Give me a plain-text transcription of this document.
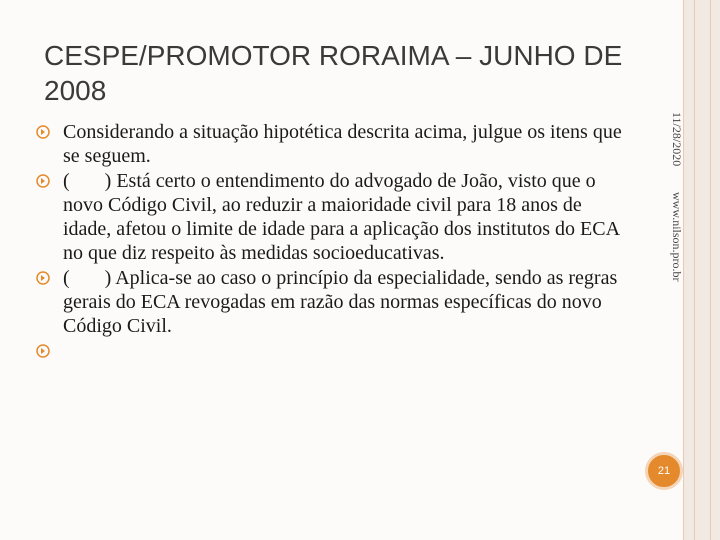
CESPE/PROMOTOR RORAIMA – JUNHO DE 2008
Considerando a situação hipotética descrita acima, julgue os itens que se seguem.
(       ) Está certo o entendimento do advogado de João, visto que o novo Código Civil, ao reduzir a maioridade civil para 18 anos de idade, afetou o limite de idade para a aplicação dos institutos do ECA no que diz respeito às medidas socioeducativas.
(       ) Aplica-se ao caso o princípio da especialidade, sendo as regras gerais do ECA revogadas em razão das normas específicas do novo Código Civil.
11/28/2020
www.nilson.pro.br
21
